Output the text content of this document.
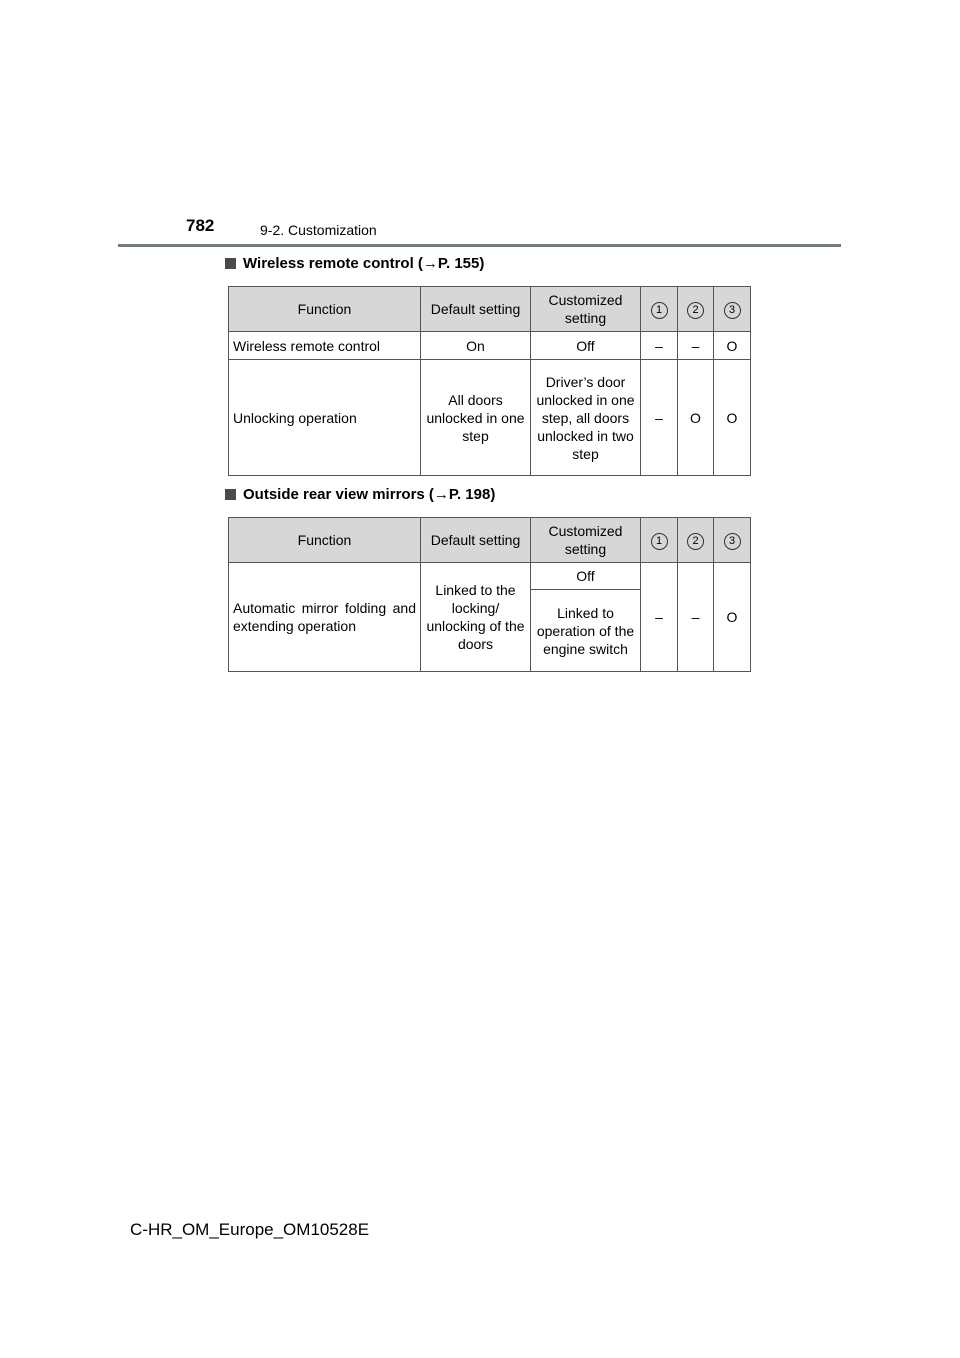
782	9-2. Customization
Wireless remote control (→P. 155)
Function	Default setting	Customized setting	1	2	3
Wireless remote control	On	Off	–	–	O
Unlocking operation	All doors unlocked in one step	Driver’s door unlocked in one step, all doors unlocked in two step	–	O	O
Outside rear view mirrors (→P. 198)
Function	Default setting	Customized setting	1	2	3
Automatic mirror folding and extending operation	Linked to the locking/ unlocking of the doors	Off	–	–	O
		Linked to operation of the engine switch			
C-HR_OM_Europe_OM10528E
